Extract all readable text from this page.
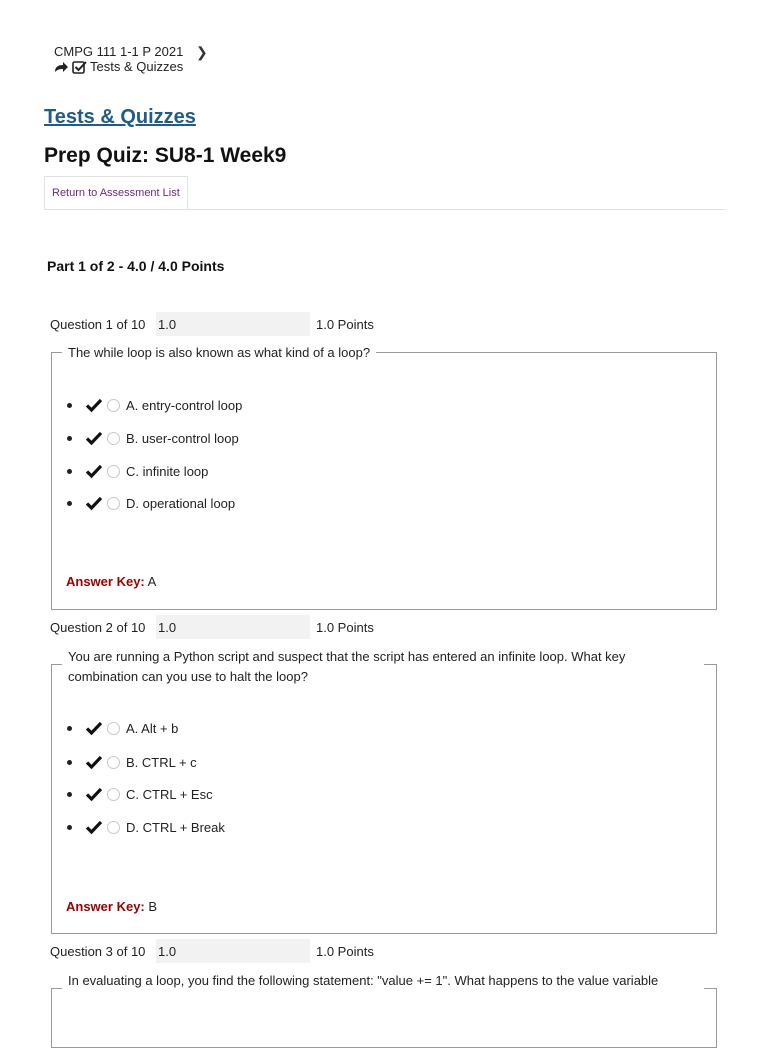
CMPG 111 1-1 P 2021 ❯
Tests & Quizzes
Tests & Quizzes
Prep Quiz: SU8-1 Week9
Return to Assessment List
Part 1 of 2 - 4.0 / 4.0 Points
Question 1 of 10
1.0	1.0 Points
The while loop is also known as what kind of a loop?
A. entry-control loop
B. user-control loop
C. infinite loop
D. operational loop
Answer Key: A
Question 2 of 10
1.0	1.0 Points
You are running a Python script and suspect that the script has entered an infinite loop. What key combination can you use to halt the loop?
A. Alt + b
B. CTRL + c
C. CTRL + Esc
D. CTRL + Break
Answer Key: B
Question 3 of 10
1.0	1.0 Points
In evaluating a loop, you find the following statement: "value += 1". What happens to the value variable
